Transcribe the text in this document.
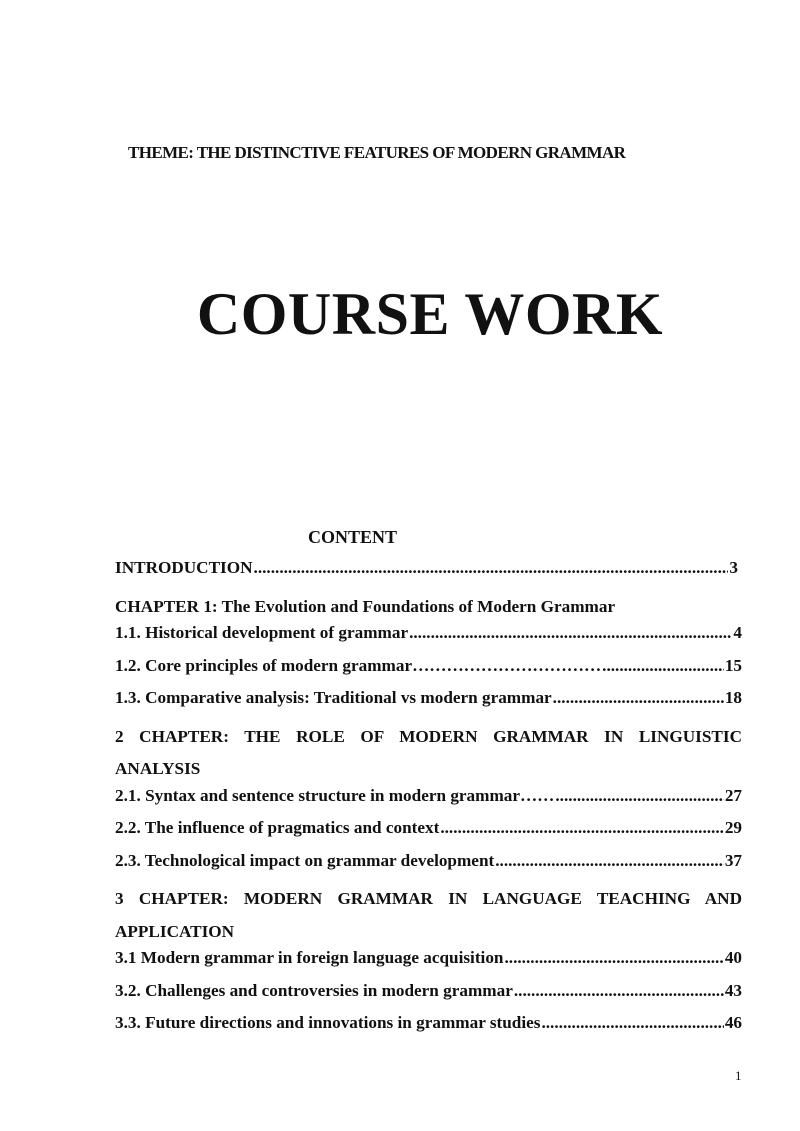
THEME: THE DISTINCTIVE FEATURES OF MODERN GRAMMAR
COURSE WORK
CONTENT
INTRODUCTION .....	3
CHAPTER 1: The Evolution and Foundations of Modern Grammar
1.1. Historical development of grammar .....	4
1.2. Core principles of modern grammar…………………………… .....	15
1.3. Comparative analysis: Traditional vs modern grammar .....	18
2 CHAPTER: THE ROLE OF MODERN GRAMMAR IN LINGUISTIC
ANALYSIS
2.1. Syntax and sentence structure in modern grammar…… .....	27
2.2. The influence of pragmatics and context .....	29
2.3. Technological impact on grammar development .....	37
3 CHAPTER: MODERN GRAMMAR IN LANGUAGE TEACHING AND
APPLICATION
3.1 Modern grammar in foreign language acquisition .....	40
3.2. Challenges and controversies in modern grammar .....	43
3.3. Future directions and innovations in grammar studies .....	46
1
